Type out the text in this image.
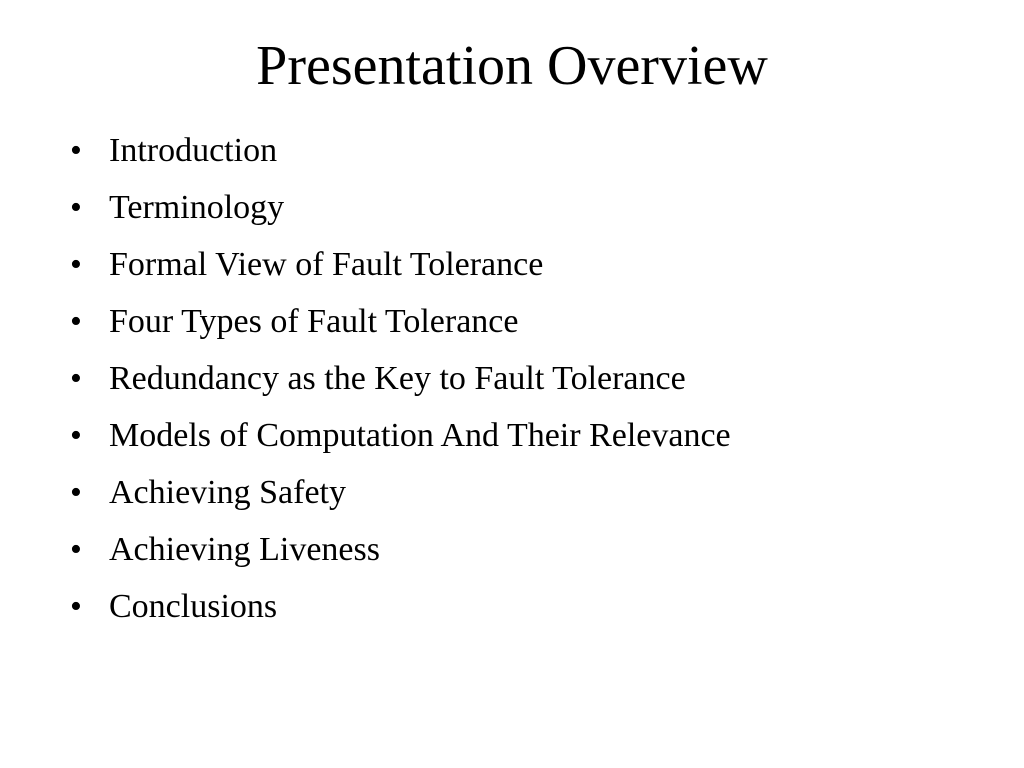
Presentation Overview
• Introduction
• Terminology
• Formal View of Fault Tolerance
• Four Types of Fault Tolerance
• Redundancy as the Key to Fault Tolerance
• Models of Computation And Their Relevance
• Achieving Safety
• Achieving Liveness
• Conclusions
